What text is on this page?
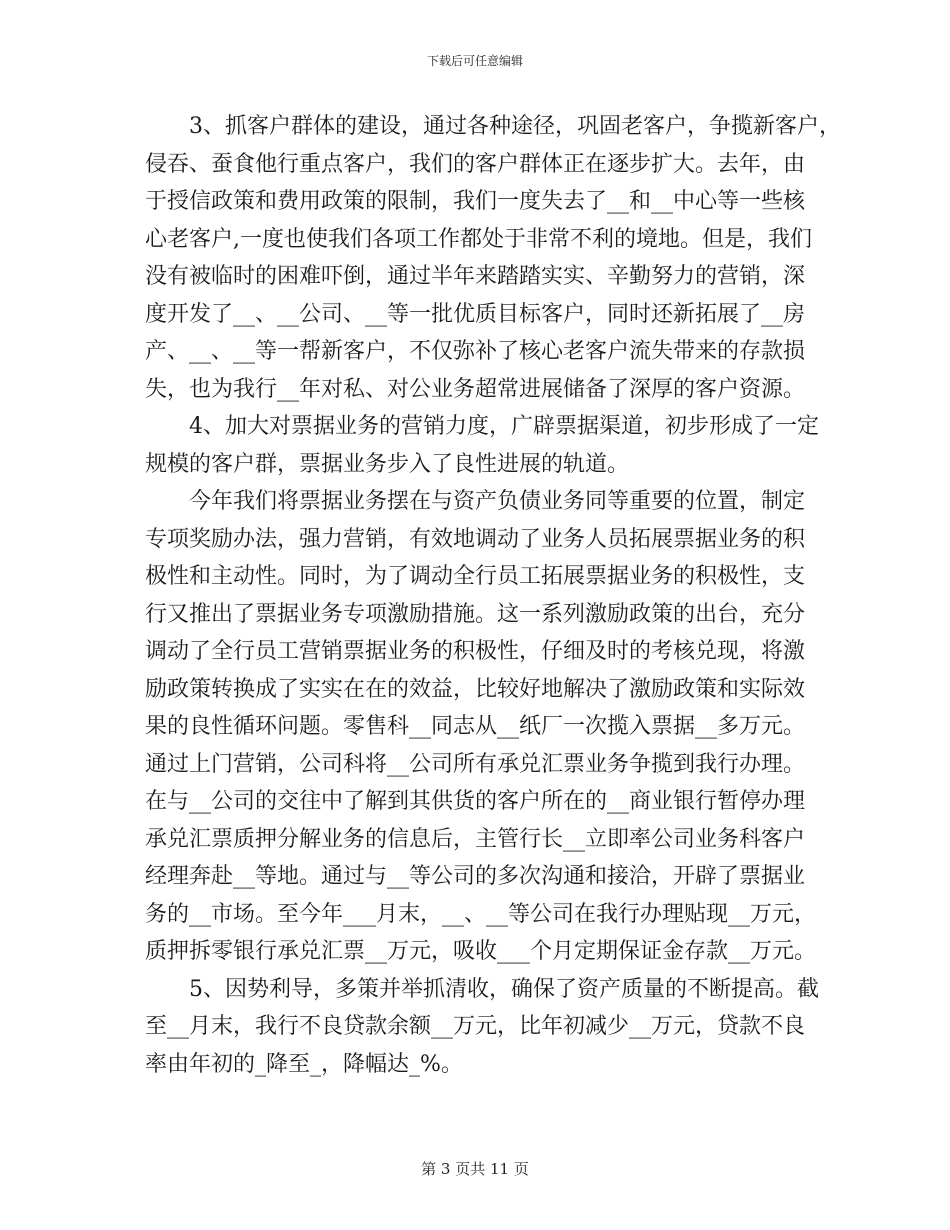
下载后可任意编辑
3、抓客户群体的建设，通过各种途径，巩固老客户，争揽新客户，
侵吞、蚕食他行重点客户，我们的客户群体正在逐步扩大。去年，由
于授信政策和费用政策的限制，我们一度失去了__和__中心等一些核
心老客户,一度也使我们各项工作都处于非常不利的境地。但是，我们
没有被临时的困难吓倒，通过半年来踏踏实实、辛勤努力的营销，深
度开发了__、__公司、__等一批优质目标客户，同时还新拓展了__房
产、__、__等一帮新客户，不仅弥补了核心老客户流失带来的存款损
失，也为我行__年对私、对公业务超常进展储备了深厚的客户资源。
4、加大对票据业务的营销力度，广辟票据渠道，初步形成了一定
规模的客户群，票据业务步入了良性进展的轨道。
今年我们将票据业务摆在与资产负债业务同等重要的位置，制定
专项奖励办法，强力营销，有效地调动了业务人员拓展票据业务的积
极性和主动性。同时，为了调动全行员工拓展票据业务的积极性，支
行又推出了票据业务专项激励措施。这一系列激励政策的出台，充分
调动了全行员工营销票据业务的积极性，仔细及时的考核兑现，将激
励政策转换成了实实在在的效益，比较好地解决了激励政策和实际效
果的良性循环问题。零售科__同志从__纸厂一次揽入票据__多万元。
通过上门营销，公司科将__公司所有承兑汇票业务争揽到我行办理。
在与__公司的交往中了解到其供货的客户所在的__商业银行暂停办理
承兑汇票质押分解业务的信息后，主管行长__立即率公司业务科客户
经理奔赴__等地。通过与__等公司的多次沟通和接洽，开辟了票据业
务的__市场。至今年___月末，__、__等公司在我行办理贴现__万元，
质押拆零银行承兑汇票__万元，吸收___个月定期保证金存款__万元。
5、因势利导，多策并举抓清收，确保了资产质量的不断提高。截
至__月末，我行不良贷款余额__万元，比年初减少__万元，贷款不良
率由年初的_降至_，降幅达_%。
第 3 页共 11 页
